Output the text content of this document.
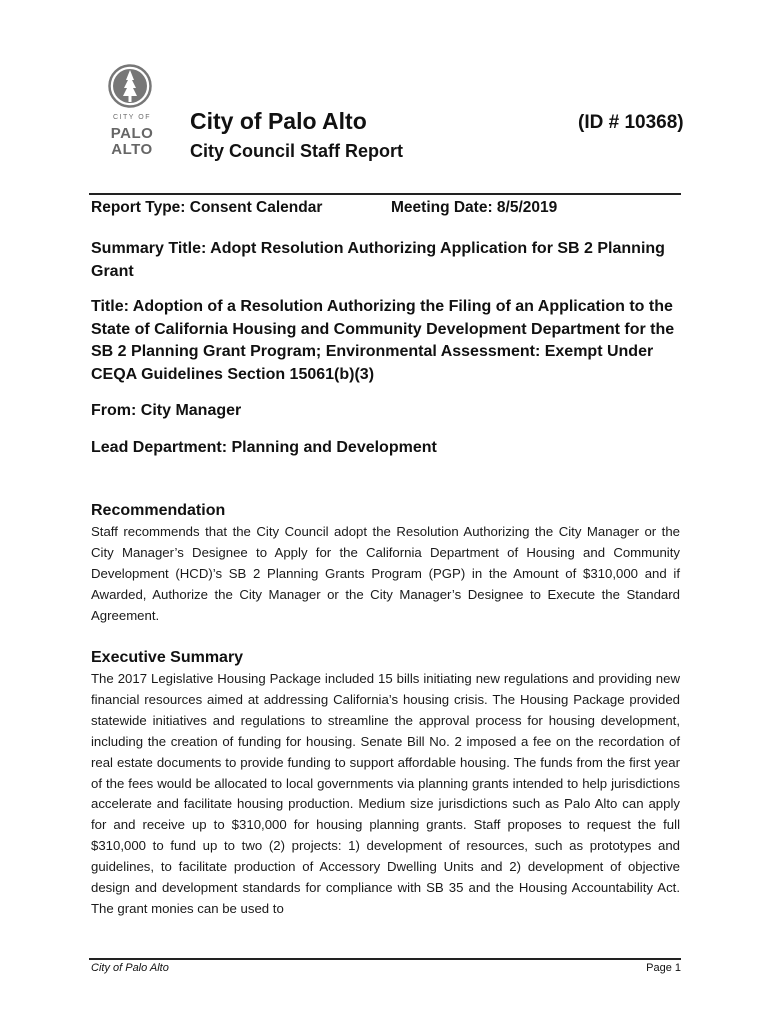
CITY OF
PALO
ALTO
City of Palo Alto	(ID # 10368)
City Council Staff Report
Report Type: Consent Calendar	Meeting Date: 8/5/2019
Summary Title: Adopt Resolution Authorizing Application for SB 2 Planning Grant
Title: Adoption of a Resolution Authorizing the Filing of an Application to the State of California Housing and Community Development Department for the SB 2 Planning Grant Program; Environmental Assessment: Exempt Under CEQA Guidelines Section 15061(b)(3)
From: City Manager
Lead Department: Planning and Development
Recommendation
Staff recommends that the City Council adopt the Resolution Authorizing the City Manager or the City Manager’s Designee to Apply for the California Department of Housing and Community Development (HCD)’s SB 2 Planning Grants Program (PGP) in the Amount of $310,000 and if Awarded, Authorize the City Manager or the City Manager’s Designee to Execute the Standard Agreement.
Executive Summary
The 2017 Legislative Housing Package included 15 bills initiating new regulations and providing new financial resources aimed at addressing California’s housing crisis. The Housing Package provided statewide initiatives and regulations to streamline the approval process for housing development, including the creation of funding for housing. Senate Bill No. 2 imposed a fee on the recordation of real estate documents to provide funding to support affordable housing. The funds from the first year of the fees would be allocated to local governments via planning grants intended to help jurisdictions accelerate and facilitate housing production. Medium size jurisdictions such as Palo Alto can apply for and receive up to $310,000 for housing planning grants. Staff proposes to request the full $310,000 to fund up to two (2) projects: 1) development of resources, such as prototypes and guidelines, to facilitate production of Accessory Dwelling Units and 2) development of objective design and development standards for compliance with SB 35 and the Housing Accountability Act. The grant monies can be used to
City of Palo Alto	Page 1
